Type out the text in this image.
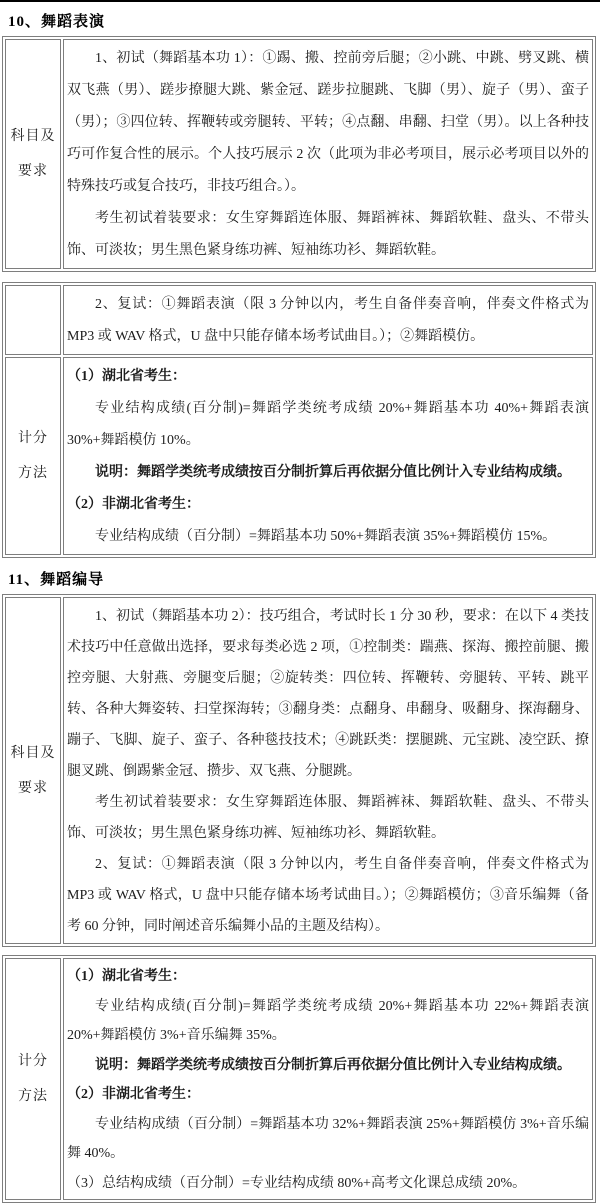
10、舞蹈表演
科目及
要求

1、初试（舞蹈基本功 1）：①踢、搬、控前旁后腿；②小跳、中跳、劈叉跳、横双飞燕（男）、蹉步撩腿大跳、紫金冠、蹉步拉腿跳、飞脚（男）、旋子（男）、蛮子（男）；③四位转、挥鞭转或旁腿转、平转；④点翻、串翻、扫堂（男）。以上各种技巧可作复合性的展示。个人技巧展示 2 次（此项为非必考项目，展示必考项目以外的特殊技巧或复合技巧，非技巧组合。）。

考生初试着装要求：女生穿舞蹈连体服、舞蹈裤袜、舞蹈软鞋、盘头、不带头饰、可淡妆；男生黑色紧身练功裤、短袖练功衫、舞蹈软鞋。

	2、复试：①舞蹈表演（限 3 分钟以内，考生自备伴奏音响，伴奏文件格式为 MP3 或 WAV 格式，U 盘中只能存储本场考试曲目。）；②舞蹈模仿。

计分
方法

（1）湖北省考生：

专业结构成绩(百分制)=舞蹈学类统考成绩 20%+舞蹈基本功 40%+舞蹈表演 30%+舞蹈模仿 10%。

说明：舞蹈学类统考成绩按百分制折算后再依据分值比例计入专业结构成绩。

（2）非湖北省考生：

专业结构成绩（百分制）=舞蹈基本功 50%+舞蹈表演 35%+舞蹈模仿 15%。

11、舞蹈编导
科目及
要求

1、初试（舞蹈基本功 2）：技巧组合，考试时长 1 分 30 秒，要求：在以下 4 类技术技巧中任意做出选择，要求每类必选 2 项，①控制类：踹燕、探海、搬控前腿、搬控旁腿、大射燕、旁腿变后腿；②旋转类：四位转、挥鞭转、旁腿转、平转、跳平转、各种大舞姿转、扫堂探海转；③翻身类：点翻身、串翻身、吸翻身、探海翻身、蹦子、飞脚、旋子、蛮子、各种毯技技术；④跳跃类：摆腿跳、元宝跳、凌空跃、撩腿叉跳、倒踢紫金冠、攒步、双飞燕、分腿跳。

考生初试着装要求：女生穿舞蹈连体服、舞蹈裤袜、舞蹈软鞋、盘头、不带头饰、可淡妆；男生黑色紧身练功裤、短袖练功衫、舞蹈软鞋。

2、复试：①舞蹈表演（限 3 分钟以内，考生自备伴奏音响，伴奏文件格式为 MP3 或 WAV 格式，U 盘中只能存储本场考试曲目。）；②舞蹈模仿；③音乐编舞（备考 60 分钟，同时阐述音乐编舞小品的主题及结构）。

计分
方法

（1）湖北省考生：

专业结构成绩(百分制)=舞蹈学类统考成绩 20%+舞蹈基本功 22%+舞蹈表演 20%+舞蹈模仿 3%+音乐编舞 35%。

说明：舞蹈学类统考成绩按百分制折算后再依据分值比例计入专业结构成绩。

（2）非湖北省考生：

专业结构成绩（百分制）=舞蹈基本功 32%+舞蹈表演 25%+舞蹈模仿 3%+音乐编舞 40%。

（3）总结构成绩（百分制）=专业结构成绩 80%+高考文化课总成绩 20%。
